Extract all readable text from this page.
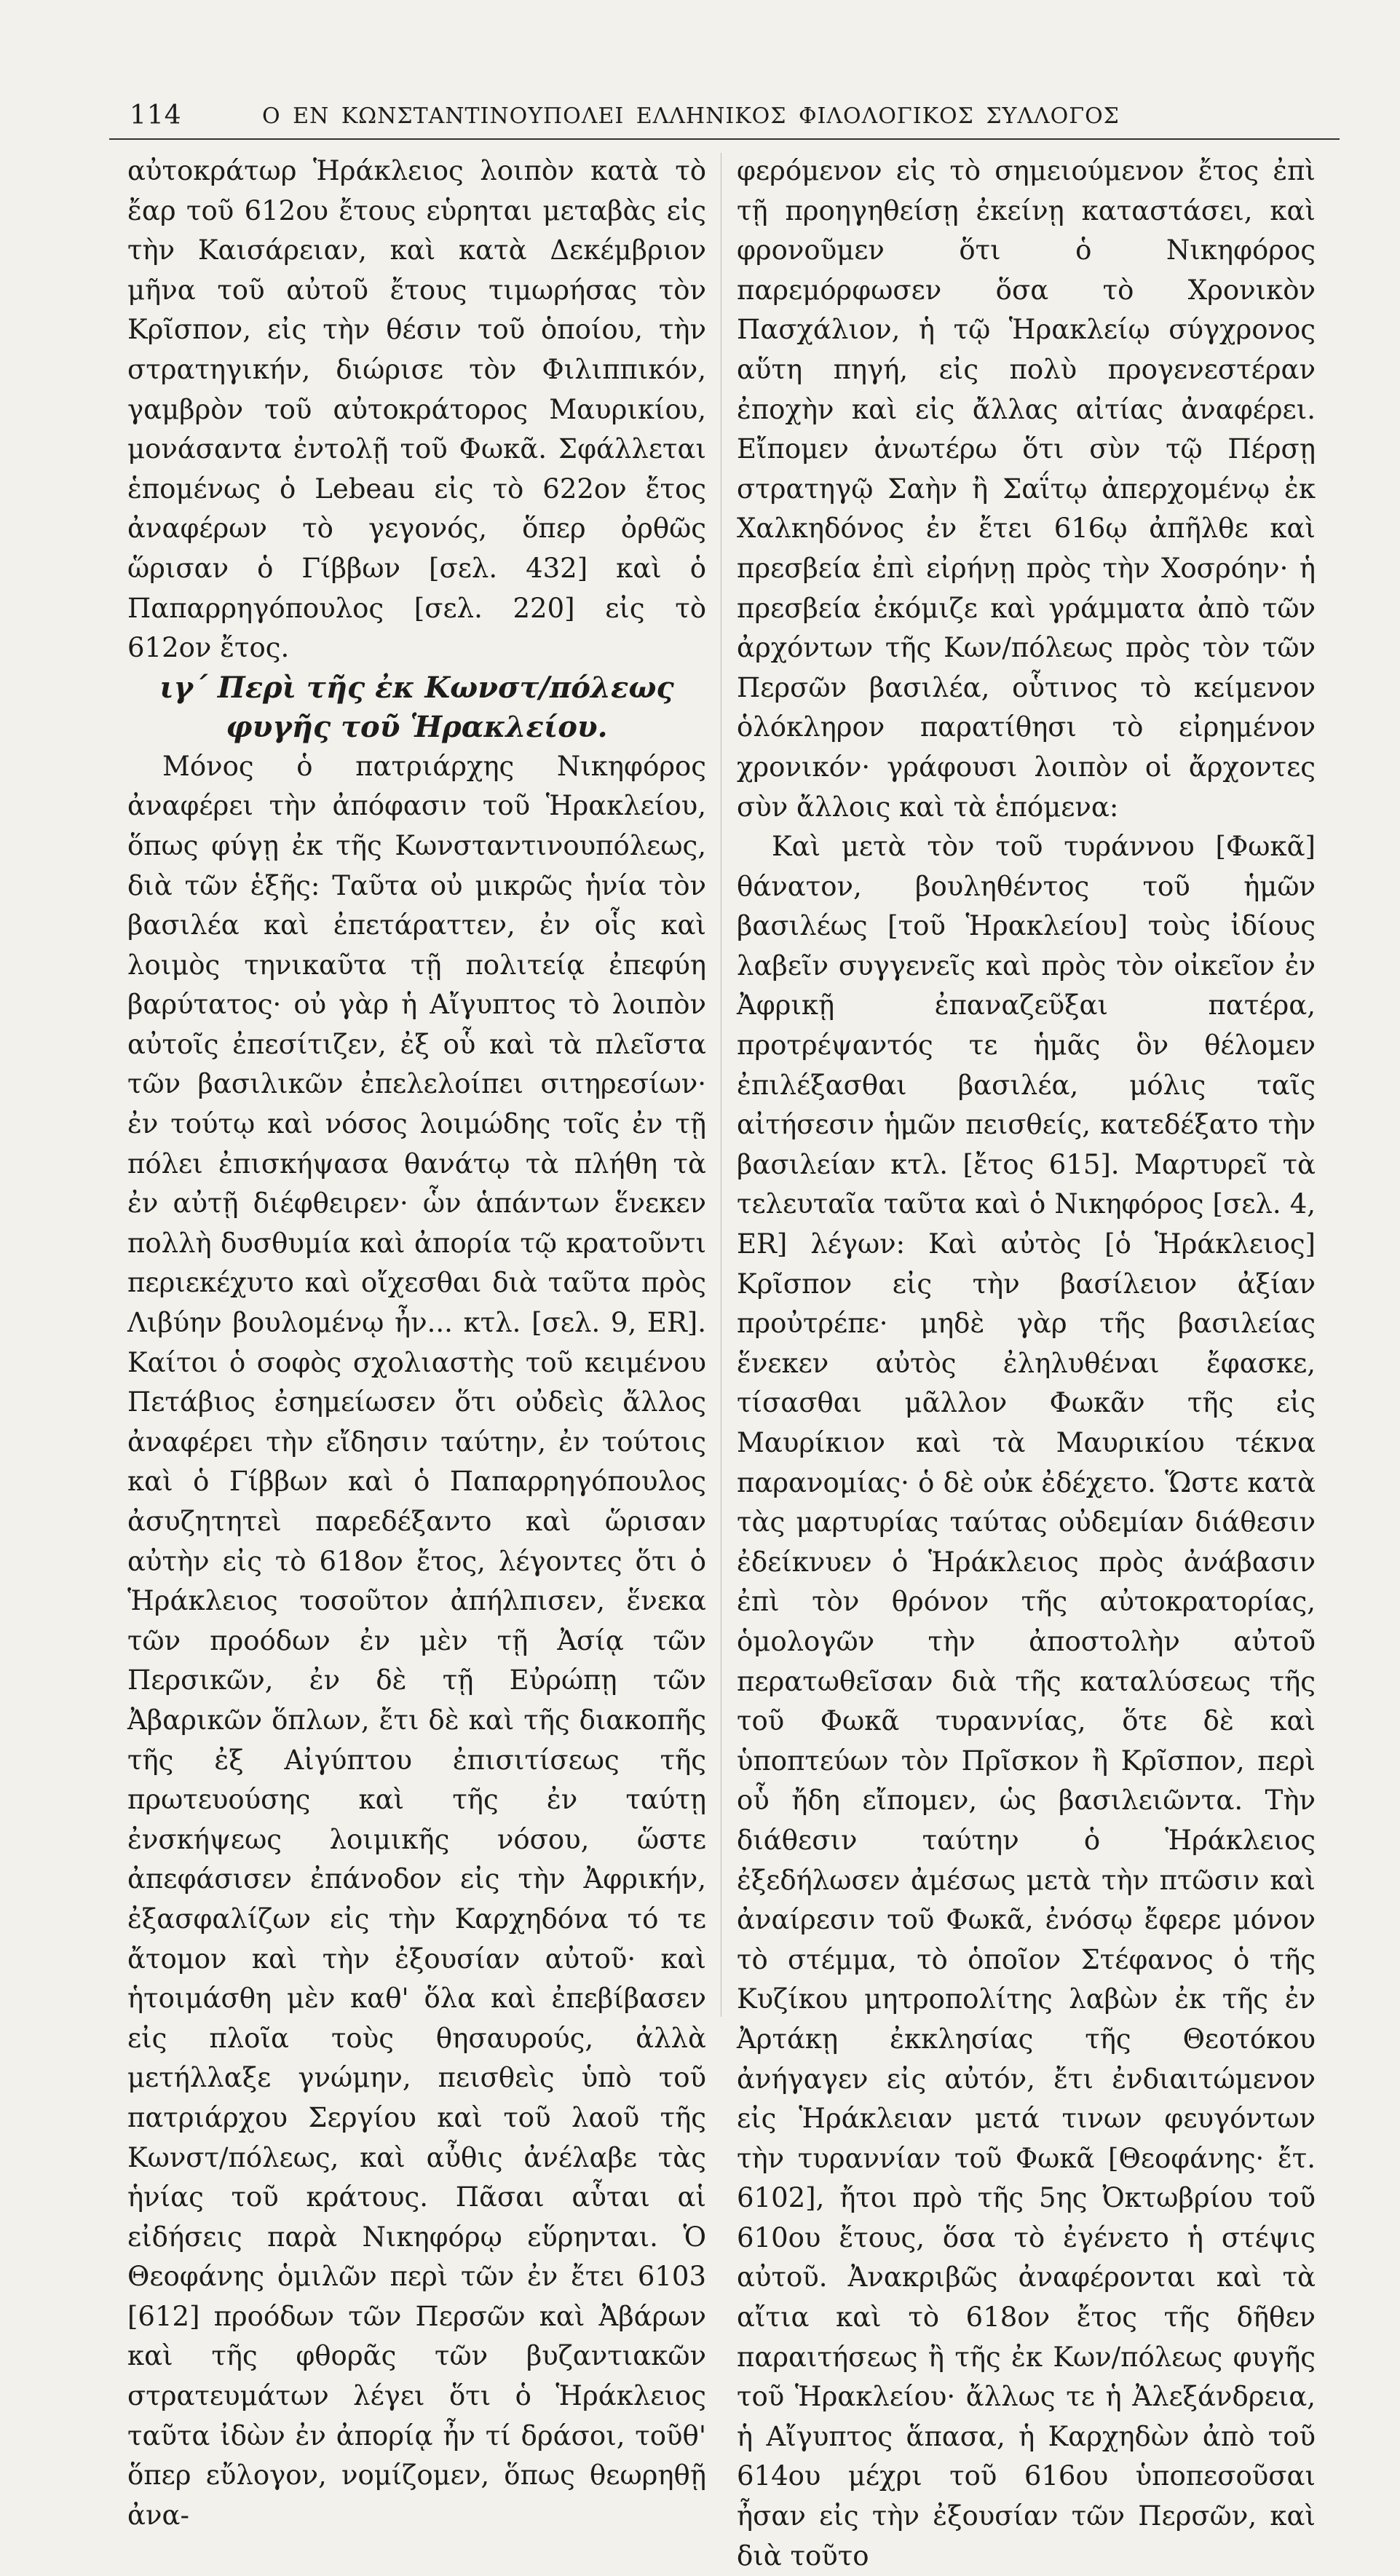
114	Ο ΕΝ ΚΩΝΣΤΑΝΤΙΝΟΥΠΟΛΕΙ ΕΛΛΗΝΙΚΟΣ ΦΙΛΟΛΟΓΙΚΟΣ ΣΥΛΛΟΓΟΣ

αὐτοκράτωρ Ἡράκλειος λοιπὸν κατὰ τὸ ἔαρ τοῦ 612ου ἔτους εὑρηται μεταβὰς εἰς τὴν Καισάρειαν, καὶ κατὰ Δεκέμβριον μῆνα τοῦ αὐτοῦ ἔτους τιμωρήσας τὸν Κρῖσπον, εἰς τὴν θέσιν τοῦ ὁποίου, τὴν στρατηγικήν, διώρισε τὸν Φιλιππικόν, γαμβρὸν τοῦ αὐτοκράτορος Μαυρικίου, μονάσαντα ἐντολῇ τοῦ Φωκᾶ. Σφάλλεται ἑπομένως ὁ Lebeau εἰς τὸ 622ον ἔτος ἀναφέρων τὸ γεγονός, ὅπερ ὀρθῶς ὥρισαν ὁ Γίββων [σελ. 432] καὶ ὁ Παπαρρηγόπουλος [σελ. 220] εἰς τὸ 612ον ἔτος.

ιγ΄ Περὶ τῆς ἐκ Κωνστ/πόλεως φυγῆς τοῦ Ἡρακλείου.

Μόνος ὁ πατριάρχης Νικηφόρος ἀναφέρει τὴν ἀπόφασιν τοῦ Ἡρακλείου, ὅπως φύγῃ ἐκ τῆς Κωνσταντινουπόλεως, διὰ τῶν ἑξῆς: Ταῦτα οὐ μικρῶς ἡνία τὸν βασιλέα καὶ ἐπετάραττεν, ἐν οἷς καὶ λοιμὸς τηνικαῦτα τῇ πολιτείᾳ ἐπεφύη βαρύτατος· οὐ γὰρ ἡ Αἴγυπτος τὸ λοιπὸν αὐτοῖς ἐπεσίτιζεν, ἐξ οὗ καὶ τὰ πλεῖστα τῶν βασιλικῶν ἐπελελοίπει σιτηρεσίων· ἐν τούτῳ καὶ νόσος λοιμώδης τοῖς ἐν τῇ πόλει ἐπισκήψασα θανάτῳ τὰ πλήθη τὰ ἐν αὐτῇ διέφθειρεν· ὧν ἁπάντων ἕνεκεν πολλὴ δυσθυμία καὶ ἀπορία τῷ κρατοῦντι περιεκέχυτο καὶ οἴχεσθαι διὰ ταῦτα πρὸς Λιβύην βουλομένῳ ἦν... κτλ. [σελ. 9, ER]. Καίτοι ὁ σοφὸς σχολιαστὴς τοῦ κειμένου Πετάβιος ἐσημείωσεν ὅτι οὐδεὶς ἄλλος ἀναφέρει τὴν εἴδησιν ταύτην, ἐν τούτοις καὶ ὁ Γίββων καὶ ὁ Παπαρρηγόπουλος ἀσυζητητεὶ παρεδέξαντο καὶ ὥρισαν αὐτὴν εἰς τὸ 618ον ἔτος, λέγοντες ὅτι ὁ Ἡράκλειος τοσοῦτον ἀπήλπισεν, ἕνεκα τῶν προόδων ἐν μὲν τῇ Ἀσίᾳ τῶν Περσικῶν, ἐν δὲ τῇ Εὐρώπῃ τῶν Ἀβαρικῶν ὅπλων, ἔτι δὲ καὶ τῆς διακοπῆς τῆς ἐξ Αἰγύπτου ἐπισιτίσεως τῆς πρωτευούσης καὶ τῆς ἐν ταύτῃ ἐνσκήψεως λοιμικῆς νόσου, ὥστε ἀπεφάσισεν ἐπάνοδον εἰς τὴν Ἀφρικήν, ἐξασφαλίζων εἰς τὴν Καρχηδόνα τό τε ἄτομον καὶ τὴν ἐξουσίαν αὐτοῦ· καὶ ἡτοιμάσθη μὲν καθ' ὅλα καὶ ἐπεβίβασεν εἰς πλοῖα τοὺς θησαυρούς, ἀλλὰ μετήλλαξε γνώμην, πεισθεὶς ὑπὸ τοῦ πατριάρχου Σεργίου καὶ τοῦ λαοῦ τῆς Κωνστ/πόλεως, καὶ αὖθις ἀνέλαβε τὰς ἡνίας τοῦ κράτους. Πᾶσαι αὗται αἱ εἰδήσεις παρὰ Νικηφόρῳ εὕρηνται. Ὁ Θεοφάνης ὁμιλῶν περὶ τῶν ἐν ἔτει 6103 [612] προόδων τῶν Περσῶν καὶ Ἀβάρων καὶ τῆς φθορᾶς τῶν βυζαντιακῶν στρατευμάτων λέγει ὅτι ὁ Ἡράκλειος ταῦτα ἰδὼν ἐν ἀπορίᾳ ἦν τί δράσοι, τοῦθ' ὅπερ εὔλογον, νομίζομεν, ὅπως θεωρηθῇ ἀνα-

φερόμενον εἰς τὸ σημειούμενον ἔτος ἐπὶ τῇ προηγηθείσῃ ἐκείνῃ καταστάσει, καὶ φρονοῦμεν ὅτι ὁ Νικηφόρος παρεμόρφωσεν ὅσα τὸ Χρονικὸν Πασχάλιον, ἡ τῷ Ἡρακλείῳ σύγχρονος αὕτη πηγή, εἰς πολὺ προγενεστέραν ἐποχὴν καὶ εἰς ἄλλας αἰτίας ἀναφέρει. Εἴπομεν ἀνωτέρω ὅτι σὺν τῷ Πέρσῃ στρατηγῷ Σαὴν ἢ Σαΐτῳ ἀπερχομένῳ ἐκ Χαλκηδόνος ἐν ἔτει 616ῳ ἀπῆλθε καὶ πρεσβεία ἐπὶ εἰρήνῃ πρὸς τὴν Χοσρόην· ἡ πρεσβεία ἐκόμιζε καὶ γράμματα ἀπὸ τῶν ἀρχόντων τῆς Κων/πόλεως πρὸς τὸν τῶν Περσῶν βασιλέα, οὗτινος τὸ κείμενον ὁλόκληρον παρατίθησι τὸ εἰρημένον χρονικόν· γράφουσι λοιπὸν οἱ ἄρχοντες σὺν ἄλλοις καὶ τὰ ἑπόμενα:

Καὶ μετὰ τὸν τοῦ τυράννου [Φωκᾶ] θάνατον, βουληθέντος τοῦ ἡμῶν βασιλέως [τοῦ Ἡρακλείου] τοὺς ἰδίους λαβεῖν συγγενεῖς καὶ πρὸς τὸν οἰκεῖον ἐν Ἀφρικῇ ἐπαναζεῦξαι πατέρα, προτρέψαντός τε ἡμᾶς ὃν θέλομεν ἐπιλέξασθαι βασιλέα, μόλις ταῖς αἰτήσεσιν ἡμῶν πεισθείς, κατεδέξατο τὴν βασιλείαν κτλ. [ἔτος 615]. Μαρτυρεῖ τὰ τελευταῖα ταῦτα καὶ ὁ Νικηφόρος [σελ. 4, ER] λέγων: Καὶ αὐτὸς [ὁ Ἡράκλειος] Κρῖσπον εἰς τὴν βασίλειον ἀξίαν προὐτρέπε· μηδὲ γὰρ τῆς βασιλείας ἕνεκεν αὐτὸς ἐληλυθέναι ἔφασκε, τίσασθαι μᾶλλον Φωκᾶν τῆς εἰς Μαυρίκιον καὶ τὰ Μαυρικίου τέκνα παρανομίας· ὁ δὲ οὐκ ἐδέχετο. Ὥστε κατὰ τὰς μαρτυρίας ταύτας οὐδεμίαν διάθεσιν ἐδείκνυεν ὁ Ἡράκλειος πρὸς ἀνάβασιν ἐπὶ τὸν θρόνον τῆς αὐτοκρατορίας, ὁμολογῶν τὴν ἀποστολὴν αὐτοῦ περατωθεῖσαν διὰ τῆς καταλύσεως τῆς τοῦ Φωκᾶ τυραννίας, ὅτε δὲ καὶ ὑποπτεύων τὸν Πρῖσκον ἢ Κρῖσπον, περὶ οὗ ἤδη εἴπομεν, ὡς βασιλειῶντα. Τὴν διάθεσιν ταύτην ὁ Ἡράκλειος ἐξεδήλωσεν ἀμέσως μετὰ τὴν πτῶσιν καὶ ἀναίρεσιν τοῦ Φωκᾶ, ἐνόσῳ ἔφερε μόνον τὸ στέμμα, τὸ ὁποῖον Στέφανος ὁ τῆς Κυζίκου μητροπολίτης λαβὼν ἐκ τῆς ἐν Ἀρτάκῃ ἐκκλησίας τῆς Θεοτόκου ἀνήγαγεν εἰς αὐτόν, ἔτι ἐνδιαιτώμενον εἰς Ἡράκλειαν μετά τινων φευγόντων τὴν τυραννίαν τοῦ Φωκᾶ [Θεοφάνης· ἔτ. 6102], ἤτοι πρὸ τῆς 5ης Ὀκτωβρίου τοῦ 610ου ἔτους, ὅσα τὸ ἐγένετο ἡ στέψις αὐτοῦ. Ἀνακριβῶς ἀναφέρονται καὶ τὰ αἴτια καὶ τὸ 618ον ἔτος τῆς δῆθεν παραιτήσεως ἢ τῆς ἐκ Κων/πόλεως φυγῆς τοῦ Ἡρακλείου· ἄλλως τε ἡ Ἀλεξάνδρεια, ἡ Αἴγυπτος ἅπασα, ἡ Καρχηδὼν ἀπὸ τοῦ 614ου μέχρι τοῦ 616ου ὑποπεσοῦσαι ἦσαν εἰς τὴν ἐξουσίαν τῶν Περσῶν, καὶ διὰ τοῦτο
